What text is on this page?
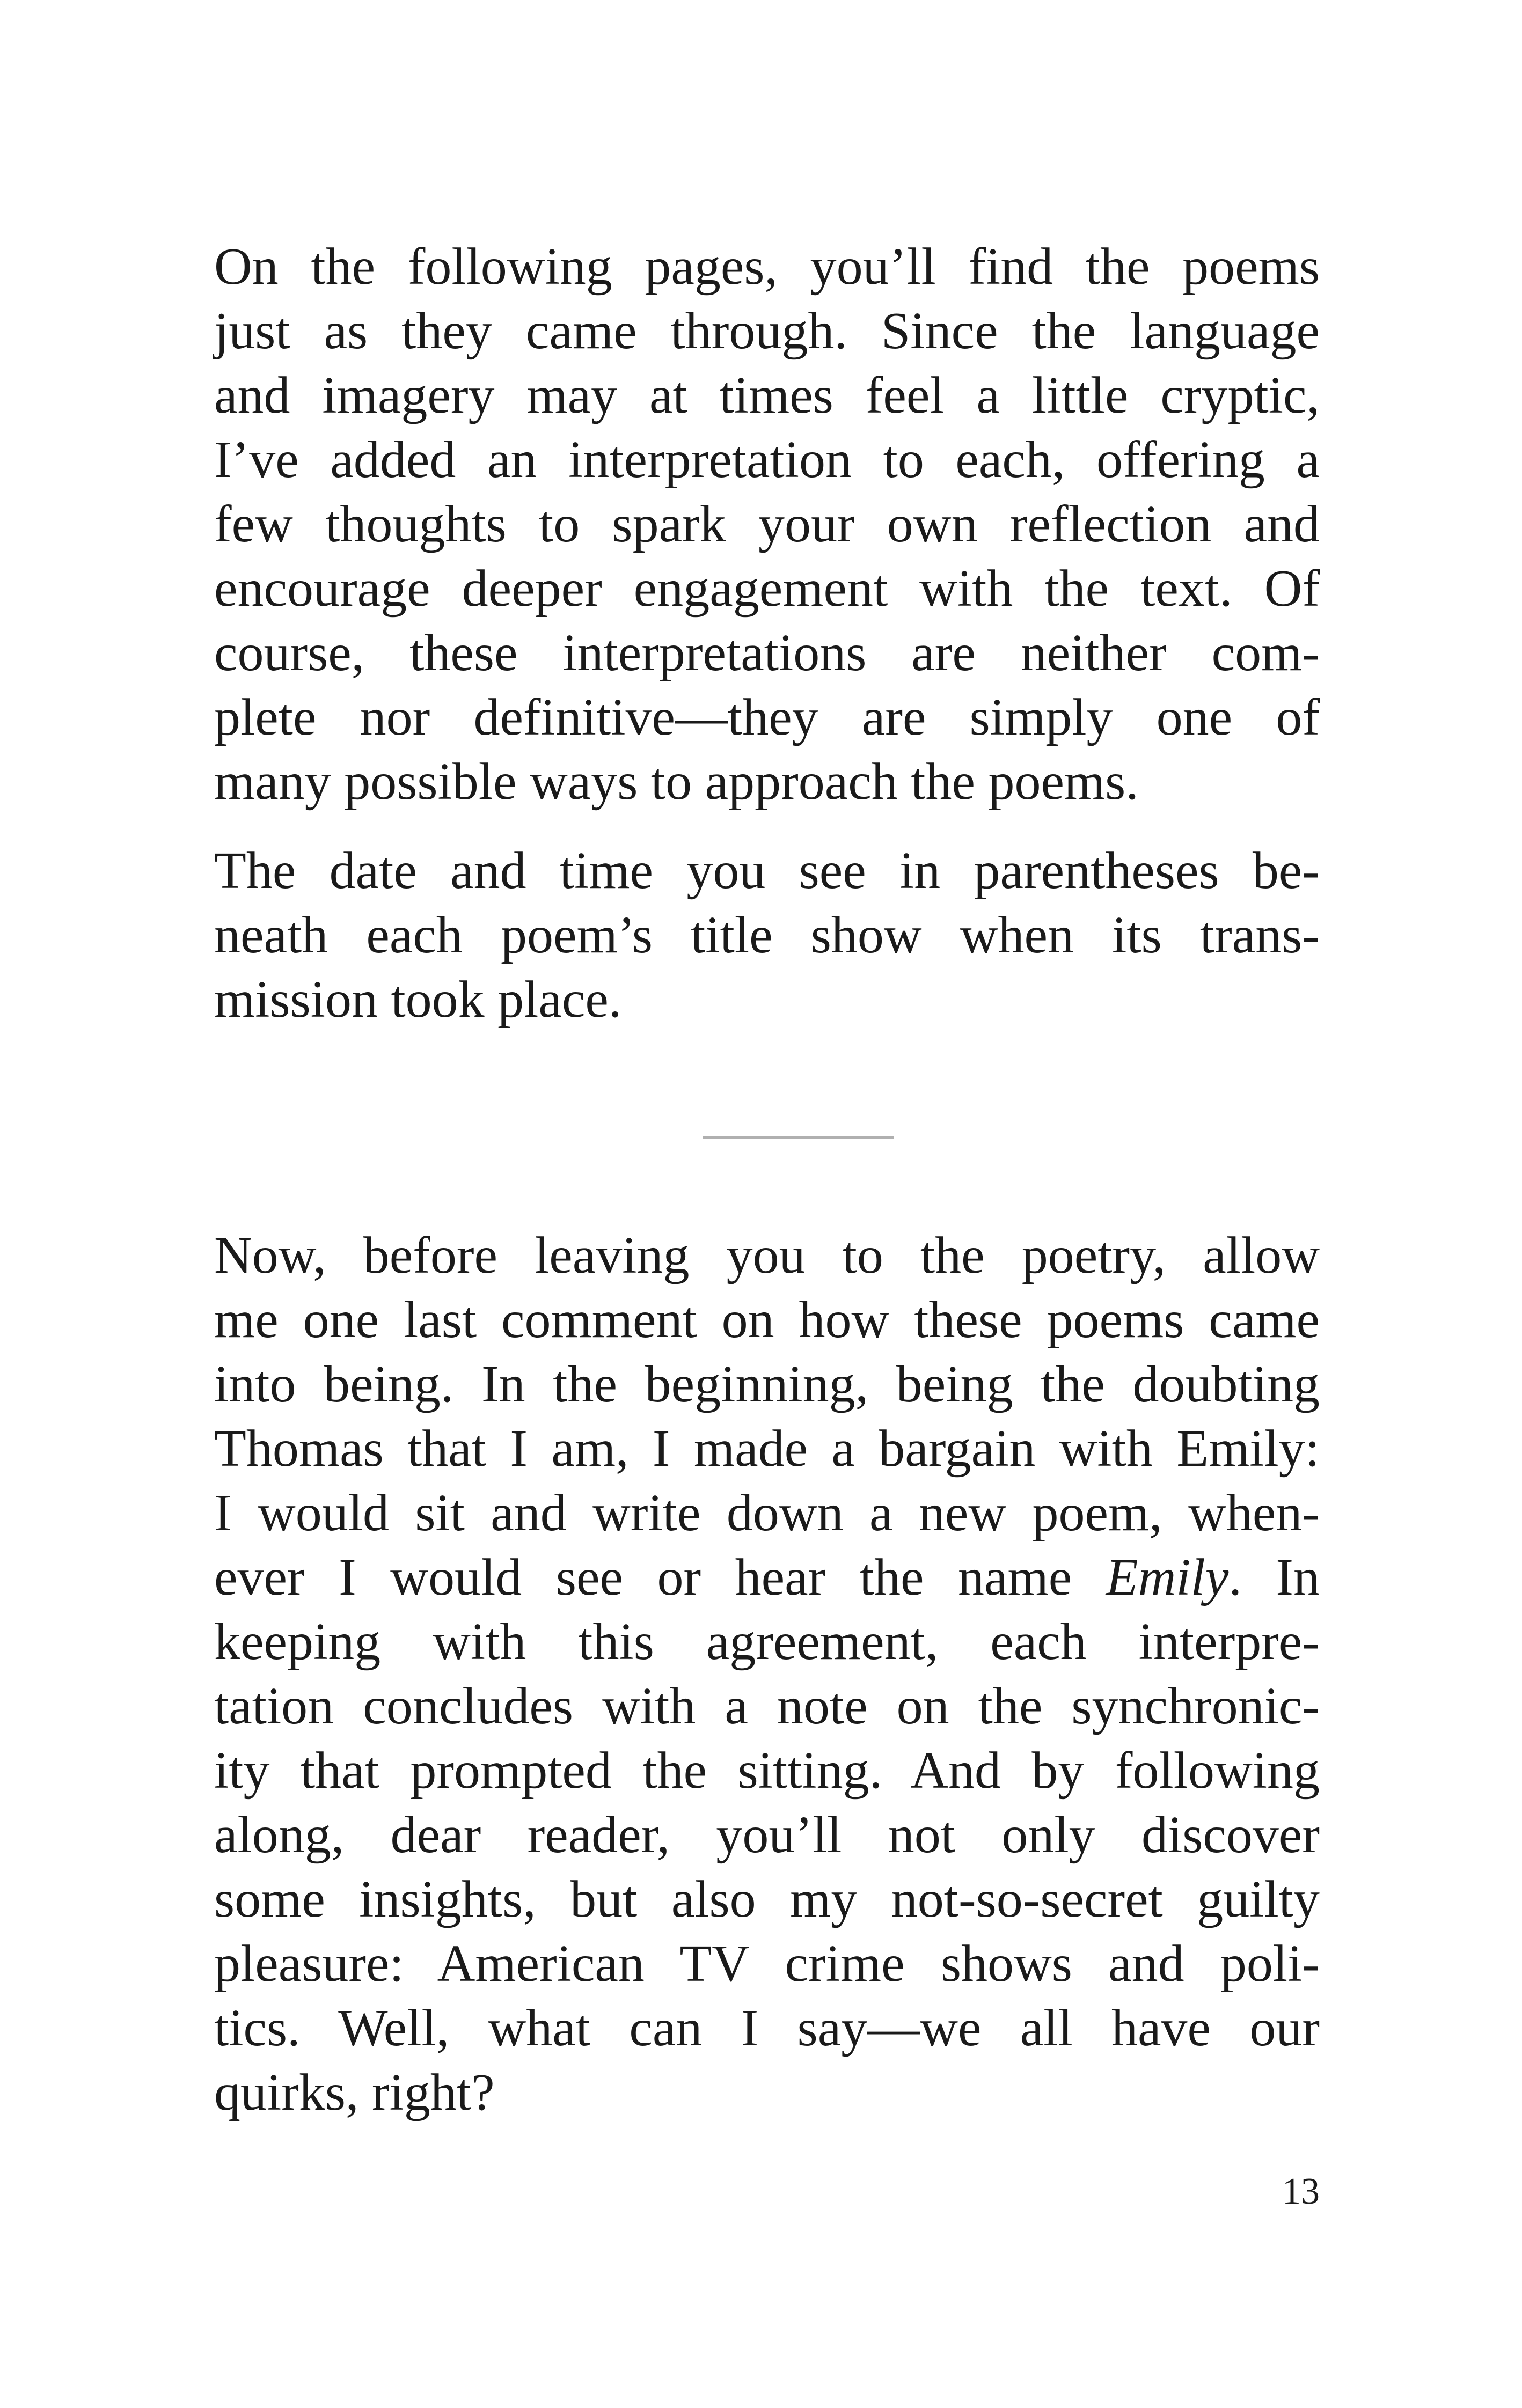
On the following pages, you’ll find the poems
just as they came through. Since the language
and imagery may at times feel a little cryptic,
I’ve added an interpretation to each, offering a
few thoughts to spark your own reflection and
encourage deeper engagement with the text. Of
course, these interpretations are neither com-
plete nor definitive—they are simply one of
many possible ways to approach the poems.
The date and time you see in parentheses be-
neath each poem’s title show when its trans-
mission took place.
Now, before leaving you to the poetry, allow
me one last comment on how these poems came
into being. In the beginning, being the doubting
Thomas that I am, I made a bargain with Emily:
I would sit and write down a new poem, when-
ever I would see or hear the name Emily. In
keeping with this agreement, each interpre-
tation concludes with a note on the synchronic-
ity that prompted the sitting. And by following
along, dear reader, you’ll not only discover
some insights, but also my not-so-secret guilty
pleasure: American TV crime shows and poli-
tics. Well, what can I say—we all have our
quirks, right?
13
